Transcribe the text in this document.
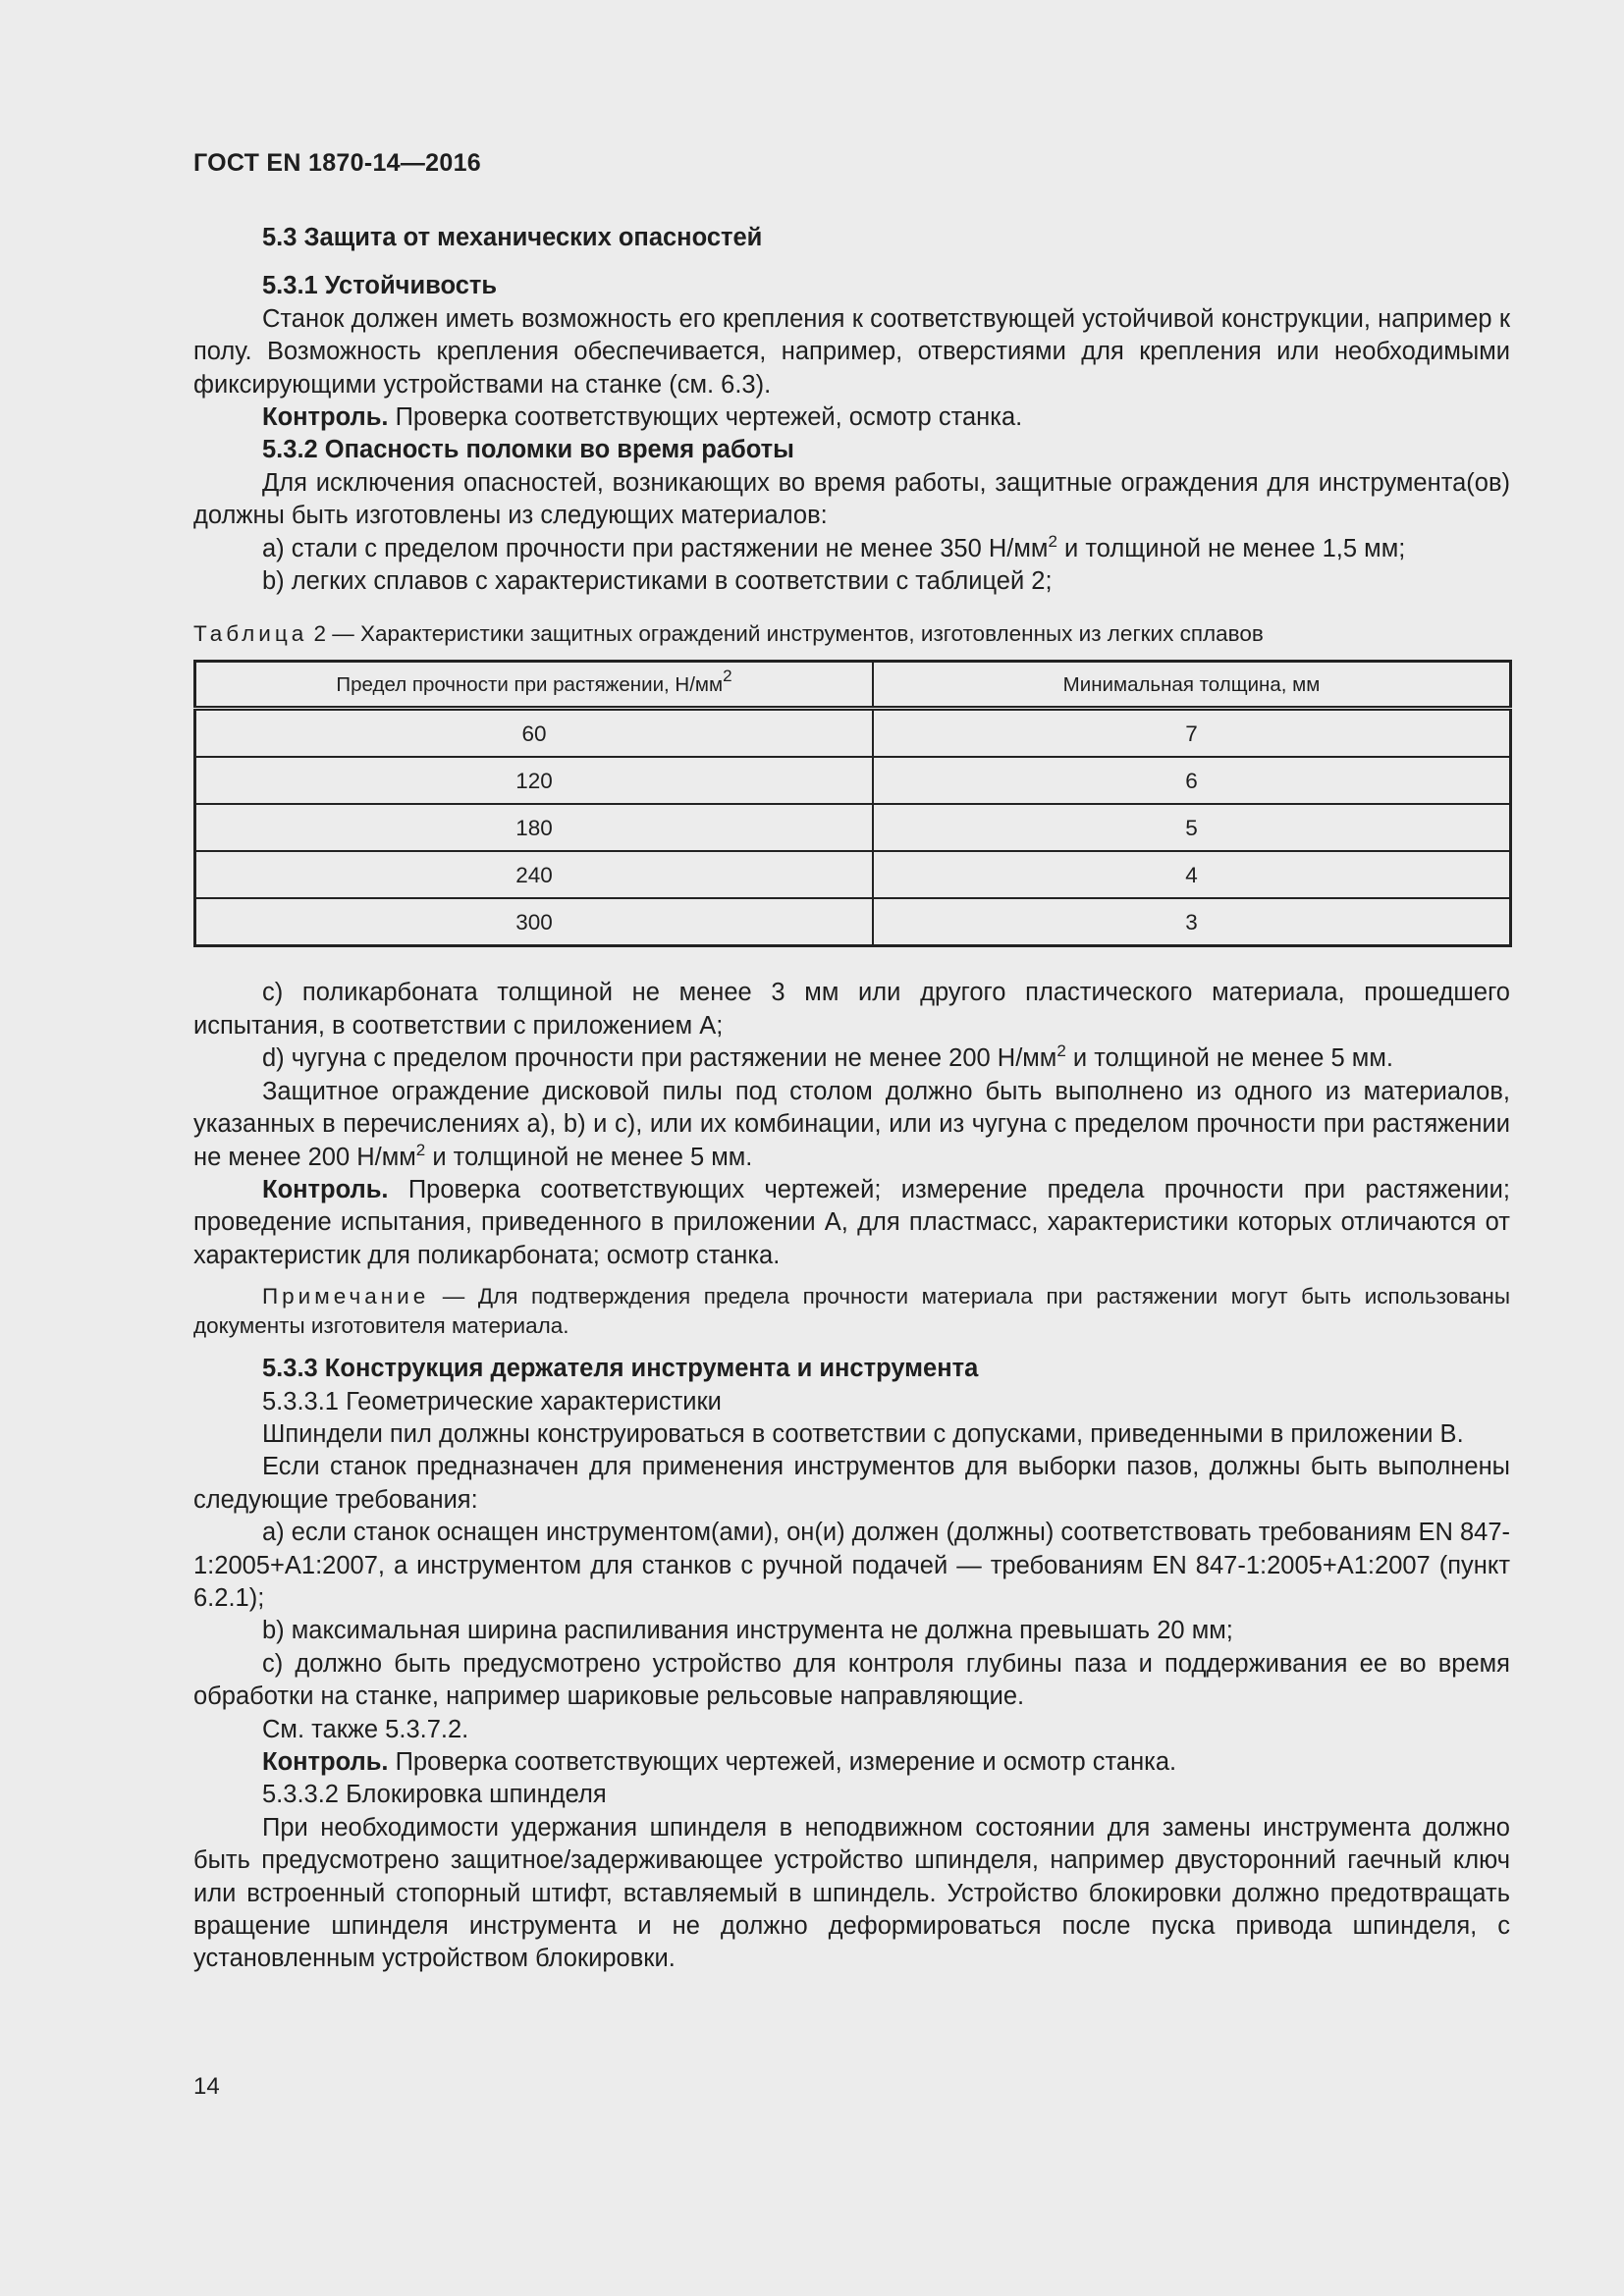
ГОСТ EN 1870-14—2016

5.3 Защита от механических опасностей

5.3.1 Устойчивость

Станок должен иметь возможность его крепления к соответствующей устойчивой конструкции, например к полу. Возможность крепления обеспечивается, например, отверстиями для крепления или необходимыми фиксирующими устройствами на станке (см. 6.3).

Контроль. Проверка соответствующих чертежей, осмотр станка.

5.3.2 Опасность поломки во время работы

Для исключения опасностей, возникающих во время работы, защитные ограждения для инструмента(ов) должны быть изготовлены из следующих материалов:

a) стали с пределом прочности при растяжении не менее 350 $Н/мм^2$ и толщиной не менее 1,5 мм;

b) легких сплавов с характеристиками в соответствии с таблицей 2;

Таблица 2 — Характеристики защитных ограждений инструментов, изготовленных из легких сплавов

Предел прочности при растяжении, $Н/мм^2$	Минимальная толщина, мм
60	7
120	6
180	5
240	4
300	3

c) поликарбоната толщиной не менее 3 мм или другого пластического материала, прошедшего испытания, в соответствии с приложением А;

d) чугуна с пределом прочности при растяжении не менее 200 $Н/мм^2$ и толщиной не менее 5 мм.

Защитное ограждение дисковой пилы под столом должно быть выполнено из одного из материалов, указанных в перечислениях a), b) и c), или их комбинации, или из чугуна с пределом прочности при растяжении не менее 200 $Н/мм^2$ и толщиной не менее 5 мм.

Контроль. Проверка соответствующих чертежей; измерение предела прочности при растяжении; проведение испытания, приведенного в приложении А, для пластмасс, характеристики которых отличаются от характеристик для поликарбоната; осмотр станка.

Примечание — Для подтверждения предела прочности материала при растяжении могут быть использованы документы изготовителя материала.

5.3.3 Конструкция держателя инструмента и инструмента

5.3.3.1 Геометрические характеристики

Шпиндели пил должны конструироваться в соответствии с допусками, приведенными в приложении В.

Если станок предназначен для применения инструментов для выборки пазов, должны быть выполнены следующие требования:

a) если станок оснащен инструментом(ами), он(и) должен (должны) соответствовать требованиям EN 847-1:2005+A1:2007, а инструментом для станков с ручной подачей — требованиям EN 847-1:2005+A1:2007 (пункт 6.2.1);

b) максимальная ширина распиливания инструмента не должна превышать 20 мм;

c) должно быть предусмотрено устройство для контроля глубины паза и поддерживания ее во время обработки на станке, например шариковые рельсовые направляющие.

См. также 5.3.7.2.

Контроль. Проверка соответствующих чертежей, измерение и осмотр станка.

5.3.3.2 Блокировка шпинделя

При необходимости удержания шпинделя в неподвижном состоянии для замены инструмента должно быть предусмотрено защитное/задерживающее устройство шпинделя, например двусторонний гаечный ключ или встроенный стопорный штифт, вставляемый в шпиндель. Устройство блокировки должно предотвращать вращение шпинделя инструмента и не должно деформироваться после пуска привода шпинделя, с установленным устройством блокировки.

14
